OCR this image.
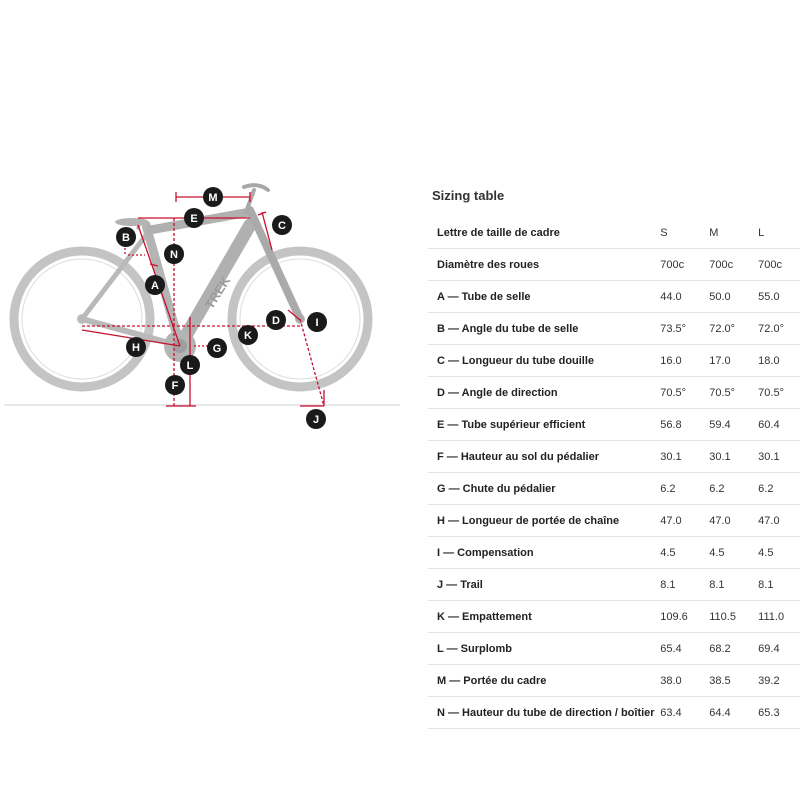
TREK
M
E
C
B
N
A
D	I
K
H	G
L
F
J
Sizing table
Lettre de taille de cadre	S	M	L
Diamètre des roues	700c	700c	700c
A — Tube de selle	44.0	50.0	55.0
B — Angle du tube de selle	73.5°	72.0°	72.0°
C — Longueur du tube douille	16.0	17.0	18.0
D — Angle de direction	70.5°	70.5°	70.5°
E — Tube supérieur efficient	56.8	59.4	60.4
F — Hauteur au sol du pédalier	30.1	30.1	30.1
G — Chute du pédalier	6.2	6.2	6.2
H — Longueur de portée de chaîne	47.0	47.0	47.0
I — Compensation	4.5	4.5	4.5
J — Trail	8.1	8.1	8.1
K — Empattement	109.6	110.5	111.0
L — Surplomb	65.4	68.2	69.4
M — Portée du cadre	38.0	38.5	39.2
N — Hauteur du tube de direction / boîtier	63.4	64.4	65.3
